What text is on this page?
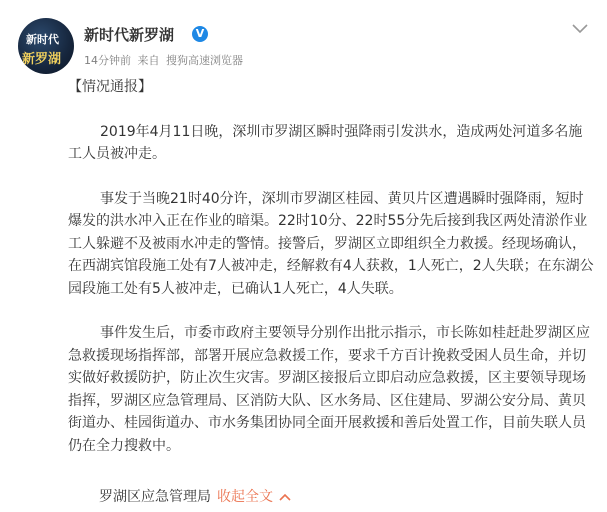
新时代
新罗湖
新时代新罗湖	V
14分钟前 来自 搜狗高速浏览器

【情况通报】

2019年4月11日晚，深圳市罗湖区瞬时强降雨引发洪水，造成两处河道多名施工人员被冲走。

事发于当晚21时40分许，深圳市罗湖区桂园、黄贝片区遭遇瞬时强降雨，短时爆发的洪水冲入正在作业的暗渠。22时10分、22时55分先后接到我区两处清淤作业工人躲避不及被雨水冲走的警情。接警后，罗湖区立即组织全力救援。经现场确认，在西湖宾馆段施工处有7人被冲走，经解救有4人获救，1人死亡，2人失联；在东湖公园段施工处有5人被冲走，已确认1人死亡，4人失联。

事件发生后，市委市政府主要领导分别作出批示指示，市长陈如桂赶赴罗湖区应急救援现场指挥部，部署开展应急救援工作，要求千方百计挽救受困人员生命，并切实做好救援防护，防止次生灾害。罗湖区接报后立即启动应急救援，区主要领导现场指挥，罗湖区应急管理局、区消防大队、区水务局、区住建局、罗湖公安分局、黄贝街道办、桂园街道办、市水务集团协同全面开展救援和善后处置工作，目前失联人员仍在全力搜救中。

罗湖区应急管理局 收起全文
